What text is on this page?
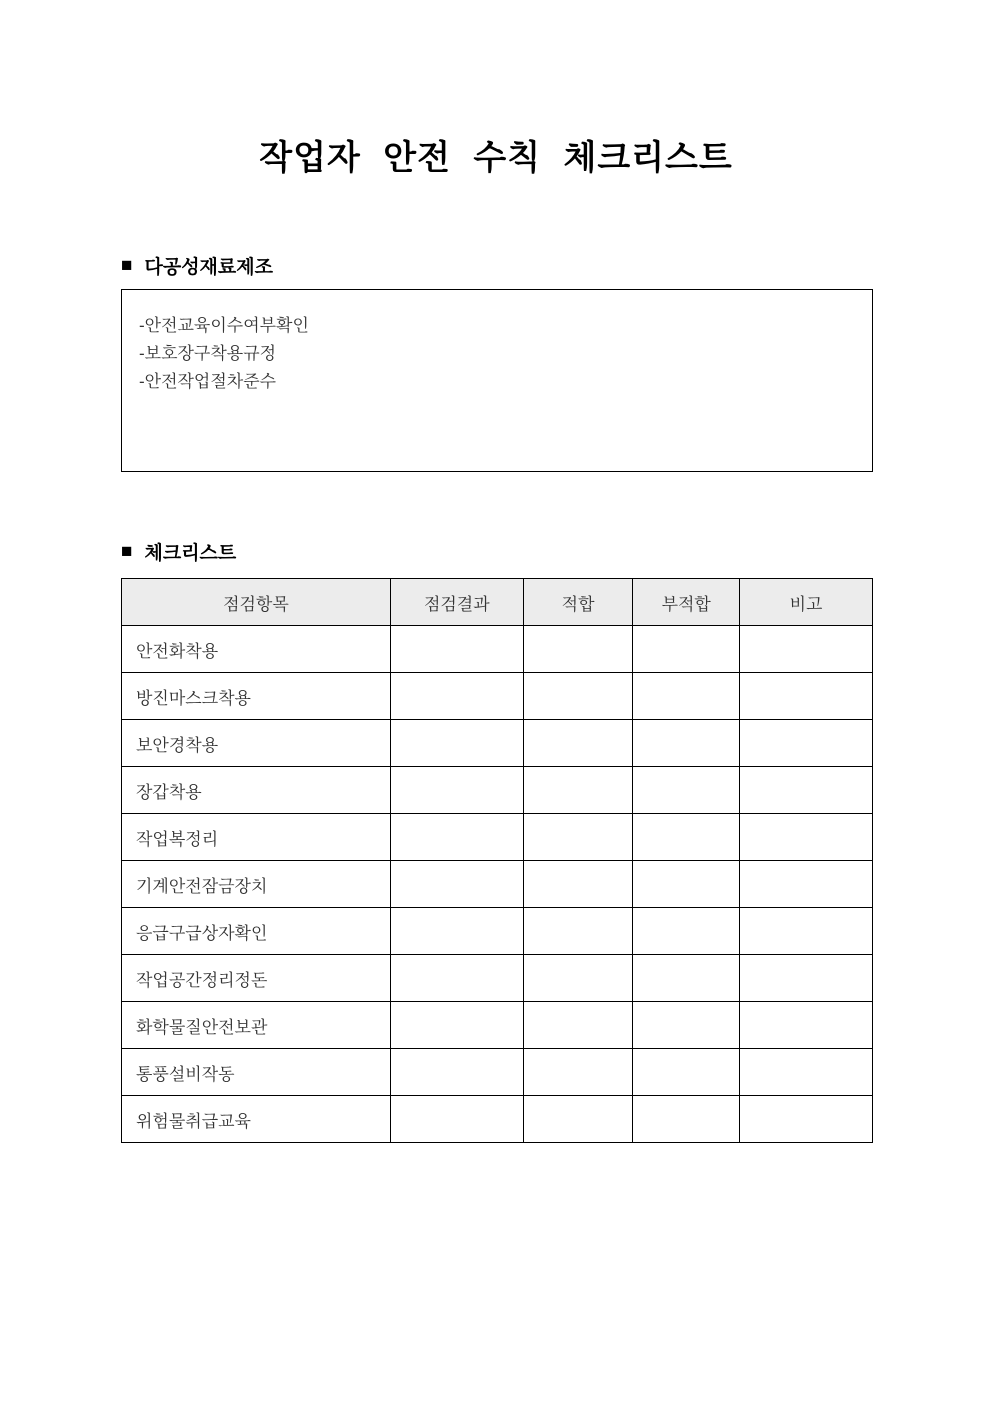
작업자 안전 수칙 체크리스트
■ 다공성재료제조
-안전교육이수여부확인
-보호장구착용규정
-안전작업절차준수
■ 체크리스트
점검항목	점검결과	적합	부적합	비고
안전화착용				
방진마스크착용				
보안경착용				
장갑착용				
작업복정리				
기계안전잠금장치				
응급구급상자확인				
작업공간정리정돈				
화학물질안전보관				
통풍설비작동				
위험물취급교육				
